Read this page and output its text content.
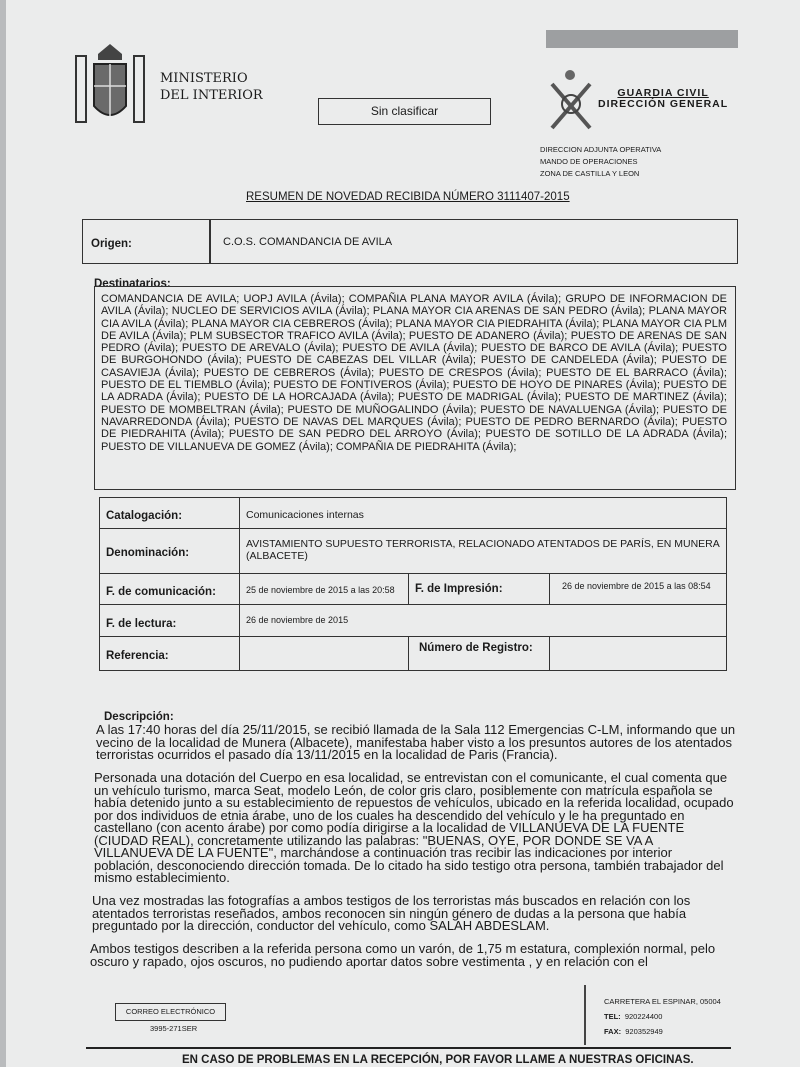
MINISTERIO
DEL INTERIOR
Sin clasificar
GUARDIA CIVIL
DIRECCIÓN GENERAL
DIRECCION ADJUNTA OPERATIVA
MANDO DE OPERACIONES
ZONA DE CASTILLA Y LEON
RESUMEN DE NOVEDAD RECIBIDA NÚMERO 3111407-2015
Origen:	C.O.S. COMANDANCIA DE AVILA
Destinatarios:
COMANDANCIA DE AVILA; UOPJ AVILA (Ávila); COMPAÑIA PLANA MAYOR AVILA (Ávila); GRUPO DE INFORMACION DE AVILA (Ávila); NUCLEO DE SERVICIOS AVILA (Ávila); PLANA MAYOR CIA ARENAS DE SAN PEDRO (Ávila); PLANA MAYOR CIA AVILA (Ávila); PLANA MAYOR CIA CEBREROS (Ávila); PLANA MAYOR CIA PIEDRAHITA (Ávila); PLANA MAYOR CIA PLM DE AVILA (Ávila); PLM SUBSECTOR TRAFICO AVILA (Ávila); PUESTO DE ADANERO (Ávila); PUESTO DE ARENAS DE SAN PEDRO (Ávila); PUESTO DE AREVALO (Ávila); PUESTO DE AVILA (Ávila); PUESTO DE BARCO DE AVILA (Ávila); PUESTO DE BURGOHONDO (Ávila); PUESTO DE CABEZAS DEL VILLAR (Ávila); PUESTO DE CANDELEDA (Ávila); PUESTO DE CASAVIEJA (Ávila); PUESTO DE CEBREROS (Ávila); PUESTO DE CRESPOS (Ávila); PUESTO DE EL BARRACO (Ávila); PUESTO DE EL TIEMBLO (Ávila); PUESTO DE FONTIVEROS (Ávila); PUESTO DE HOYO DE PINARES (Ávila); PUESTO DE LA ADRADA (Ávila); PUESTO DE LA HORCAJADA (Ávila); PUESTO DE MADRIGAL (Ávila); PUESTO DE MARTINEZ (Ávila); PUESTO DE MOMBELTRAN (Ávila); PUESTO DE MUÑOGALINDO (Ávila); PUESTO DE NAVALUENGA (Ávila); PUESTO DE NAVARREDONDA (Ávila); PUESTO DE NAVAS DEL MARQUES (Ávila); PUESTO DE PEDRO BERNARDO (Ávila); PUESTO DE PIEDRAHITA (Ávila); PUESTO DE SAN PEDRO DEL ARROYO (Ávila); PUESTO DE SOTILLO DE LA ADRADA (Ávila); PUESTO DE VILLANUEVA DE GOMEZ (Ávila); COMPAÑIA DE PIEDRAHITA (Ávila);
Catalogación:	Comunicaciones internas
Denominación:
AVISTAMIENTO SUPUESTO TERRORISTA, RELACIONADO ATENTADOS DE PARÍS, EN MUNERA (ALBACETE)
F. de comunicación:	25 de noviembre de 2015 a las 20:58	F. de Impresión:	26 de noviembre de 2015 a las 08:54
F. de lectura:	26 de noviembre de 2015
Referencia:
Número de Registro:
Descripción:

A las 17:40 horas del día 25/11/2015, se recibió llamada de la Sala 112 Emergencias C-LM, informando que un vecino de la localidad de Munera (Albacete), manifestaba haber visto a los presuntos autores de los atentados terroristas ocurridos el pasado día 13/11/2015 en la localidad de Paris (Francia).

Personada una dotación del Cuerpo en esa localidad, se entrevistan con el comunicante, el cual comenta que un vehículo turismo, marca Seat, modelo León, de color gris claro, posiblemente con matrícula española se había detenido junto a su establecimiento de repuestos de vehículos, ubicado en la referida localidad, ocupado por dos individuos de etnia árabe, uno de los cuales ha descendido del vehículo y le ha preguntado en castellano (con acento árabe) por como podía dirigirse a la localidad de VILLANUEVA DE LA FUENTE (CIUDAD REAL), concretamente utilizando las palabras: "BUENAS, OYE, POR DONDE SE VA A VILLANUEVA DE LA FUENTE", marchándose a continuación tras recibir las indicaciones por interior población, desconociendo dirección tomada. De lo citado ha sido testigo otra persona, también trabajador del mismo establecimiento.

Una vez mostradas las fotografías a ambos testigos de los terroristas más buscados en relación con los atentados terroristas reseñados, ambos reconocen sin ningún género de dudas a la persona que había preguntado por la dirección, conductor del vehículo, como SALAH ABDESLAM.

Ambos testigos describen a la referida persona como un varón, de 1,75 m estatura, complexión normal, pelo oscuro y rapado, ojos oscuros, no pudiendo aportar datos sobre vestimenta , y en relación con el

CORREO ELECTRÓNICO
3995-271SER
CARRETERA EL ESPINAR, 05004
TEL: 920224400
FAX: 920352949
EN CASO DE PROBLEMAS EN LA RECEPCIÓN, POR FAVOR LLAME A NUESTRAS OFICINAS.
